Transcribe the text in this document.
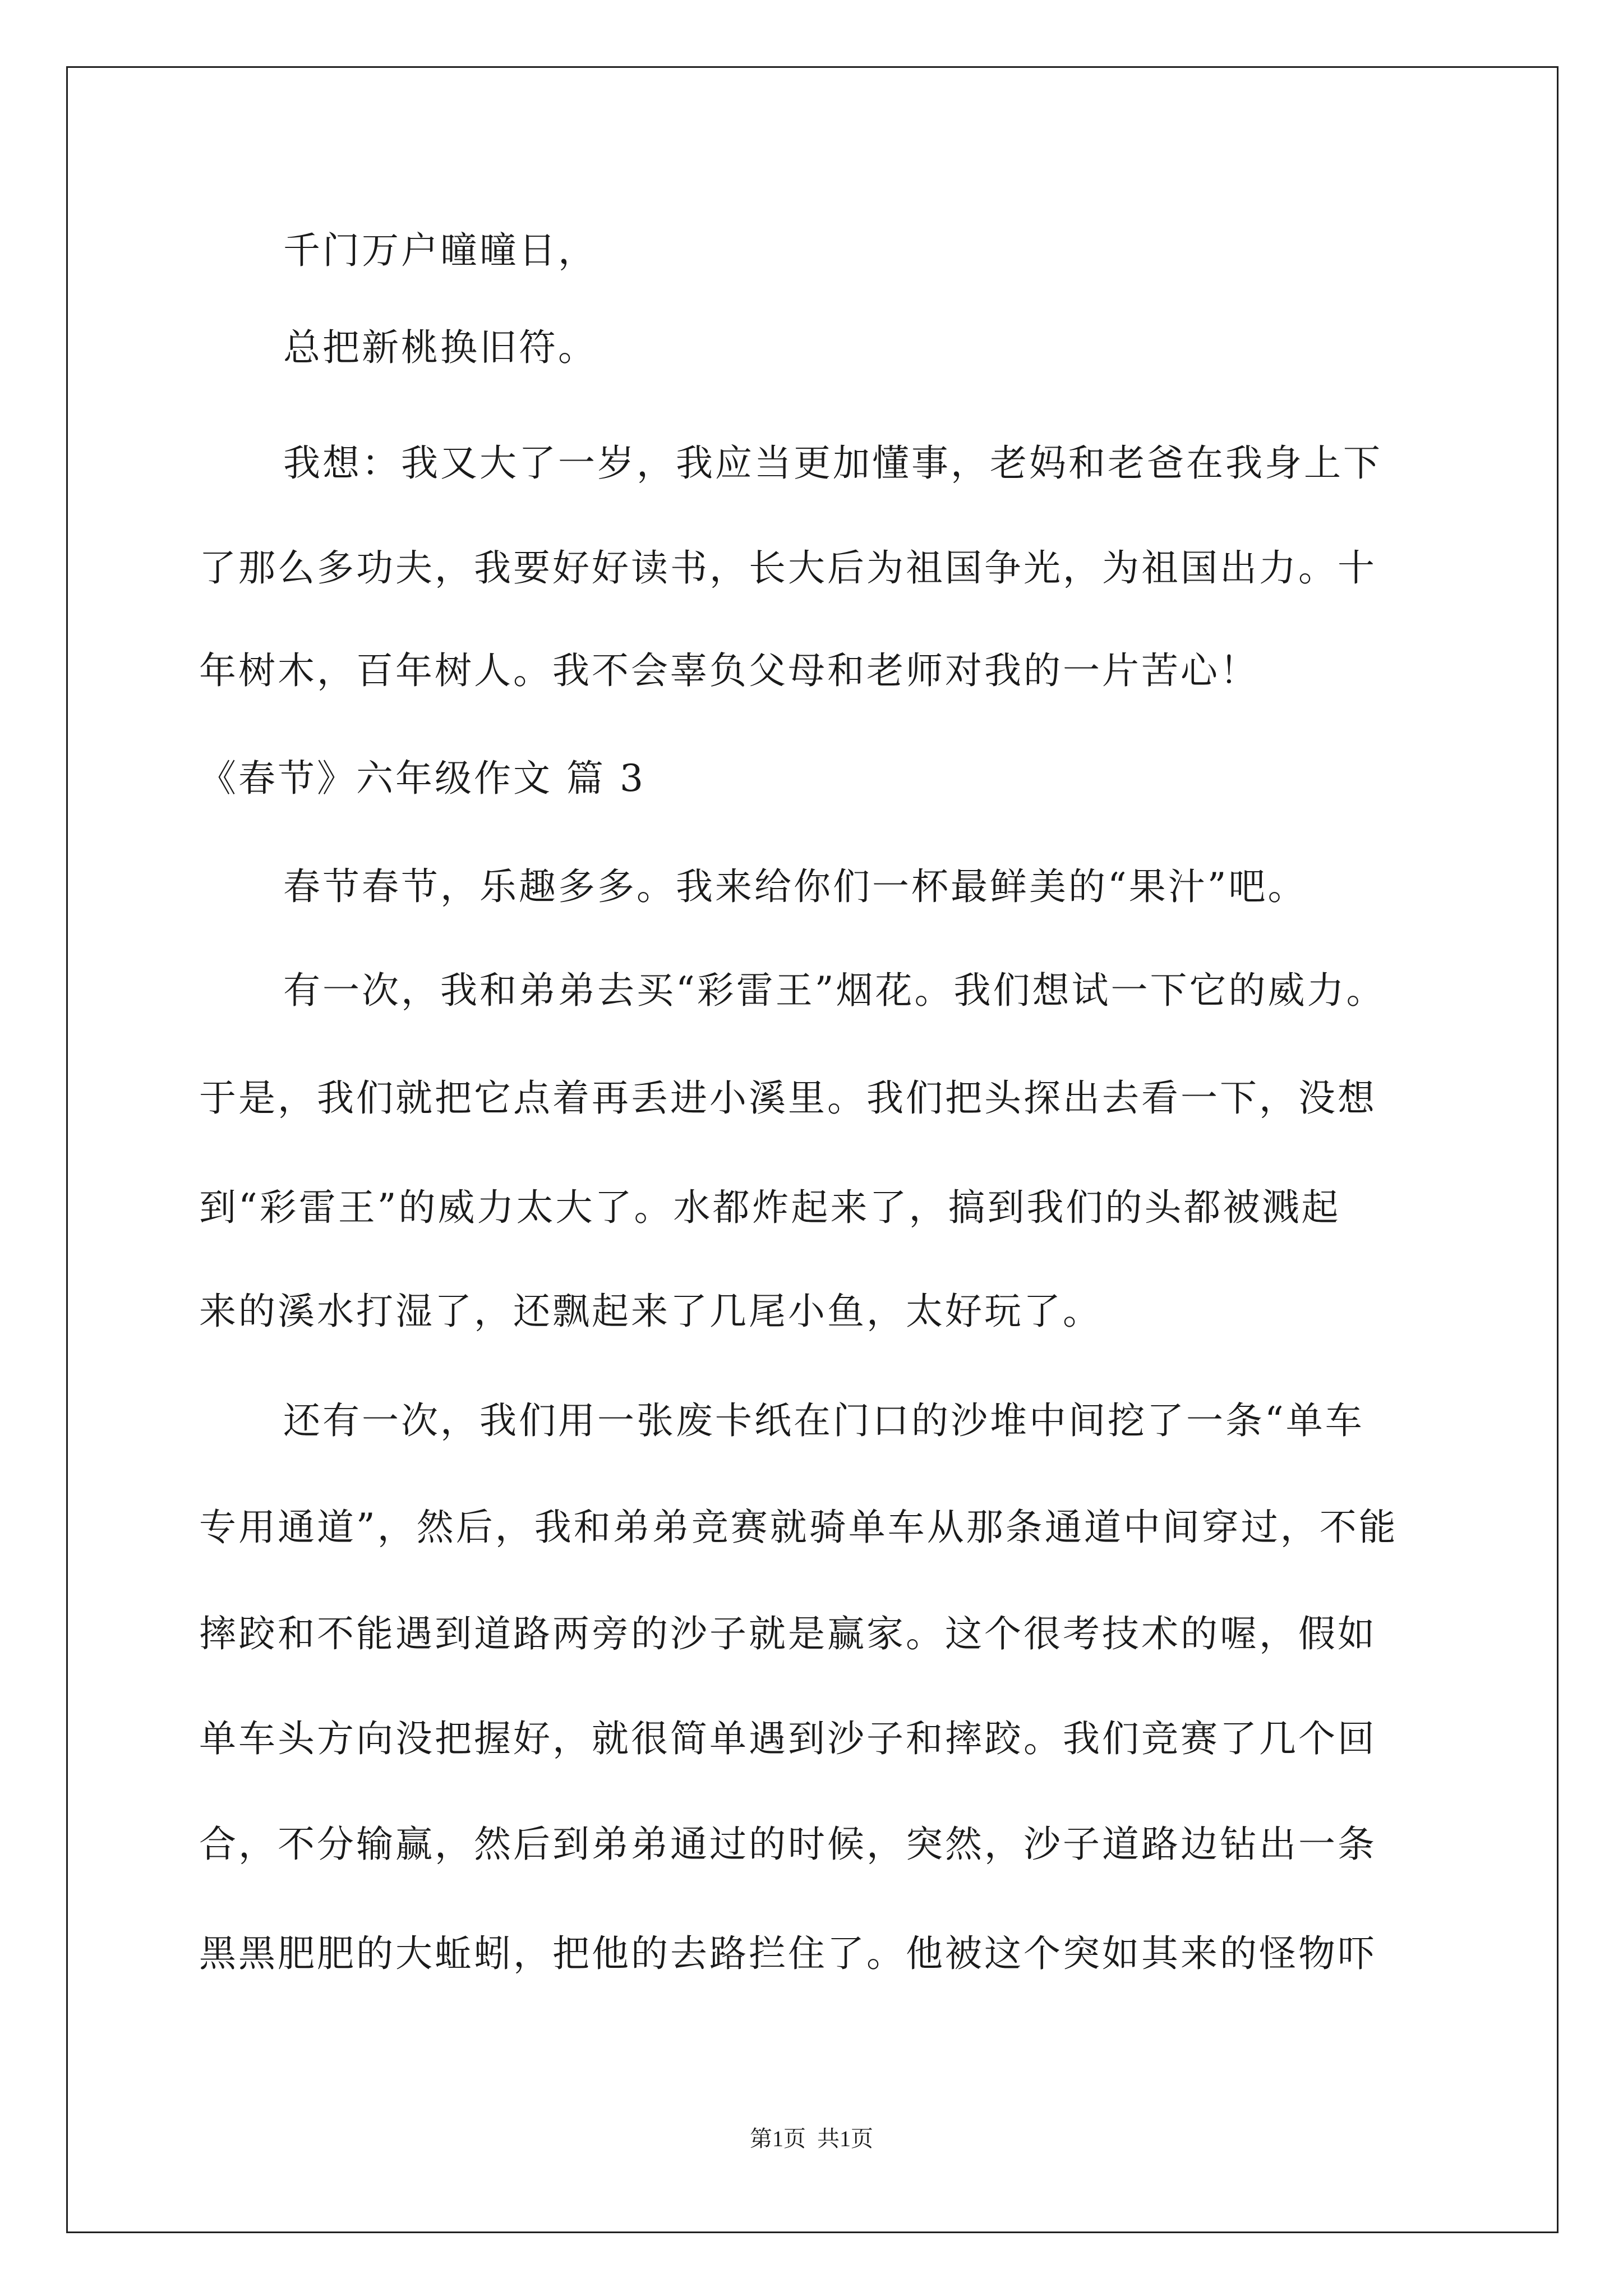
千门万户曈曈日，
总把新桃换旧符。
我想：我又大了一岁，我应当更加懂事，老妈和老爸在我身上下
了那么多功夫，我要好好读书，长大后为祖国争光，为祖国出力。十
年树木，百年树人。我不会辜负父母和老师对我的一片苦心！
《春节》六年级作文 篇 3
春节春节，乐趣多多。我来给你们一杯最鲜美的“果汁”吧。
有一次，我和弟弟去买“彩雷王”烟花。我们想试一下它的威力。
于是，我们就把它点着再丢进小溪里。我们把头探出去看一下，没想
到“彩雷王”的威力太大了。水都炸起来了，搞到我们的头都被溅起
来的溪水打湿了，还飘起来了几尾小鱼，太好玩了。
还有一次，我们用一张废卡纸在门口的沙堆中间挖了一条“单车
专用通道”，然后，我和弟弟竞赛就骑单车从那条通道中间穿过，不能
摔跤和不能遇到道路两旁的沙子就是赢家。这个很考技术的喔，假如
单车头方向没把握好，就很简单遇到沙子和摔跤。我们竞赛了几个回
合，不分输赢，然后到弟弟通过的时候，突然，沙子道路边钻出一条
黑黑肥肥的大蚯蚓，把他的去路拦住了。他被这个突如其来的怪物吓
第1页 共1页
